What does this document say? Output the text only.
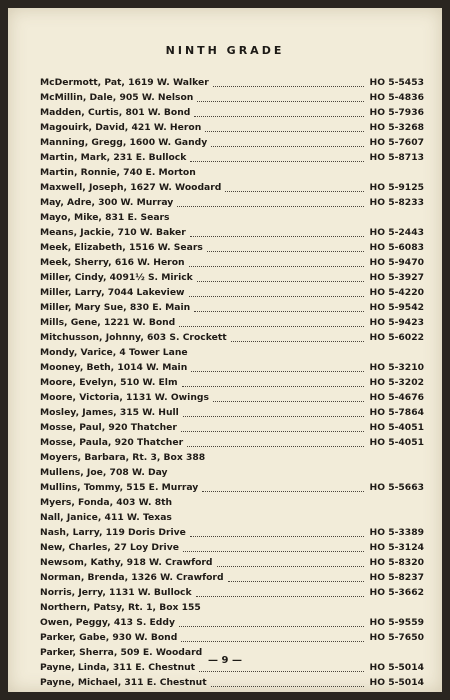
NINTH GRADE
McDermott, Pat, 1619 W. Walker	HO 5-5453
McMillin, Dale, 905 W. Nelson	HO 5-4836
Madden, Curtis, 801 W. Bond	HO 5-7936
Magouirk, David, 421 W. Heron	HO 5-3268
Manning, Gregg, 1600 W. Gandy	HO 5-7607
Martin, Mark, 231 E. Bullock	HO 5-8713
Martin, Ronnie, 740 E. Morton
Maxwell, Joseph, 1627 W. Woodard	HO 5-9125
May, Adre, 300 W. Murray	HO 5-8233
Mayo, Mike, 831 E. Sears
Means, Jackie, 710 W. Baker	HO 5-2443
Meek, Elizabeth, 1516 W. Sears	HO 5-6083
Meek, Sherry, 616 W. Heron	HO 5-9470
Miller, Cindy, 4091½ S. Mirick	HO 5-3927
Miller, Larry, 7044 Lakeview	HO 5-4220
Miller, Mary Sue, 830 E. Main	HO 5-9542
Mills, Gene, 1221 W. Bond	HO 5-9423
Mitchusson, Johnny, 603 S. Crockett	HO 5-6022
Mondy, Varice, 4 Tower Lane
Mooney, Beth, 1014 W. Main	HO 5-3210
Moore, Evelyn, 510 W. Elm	HO 5-3202
Moore, Victoria, 1131 W. Owings	HO 5-4676
Mosley, James, 315 W. Hull	HO 5-7864
Mosse, Paul, 920 Thatcher	HO 5-4051
Mosse, Paula, 920 Thatcher	HO 5-4051
Moyers, Barbara, Rt. 3, Box 388
Mullens, Joe, 708 W. Day
Mullins, Tommy, 515 E. Murray	HO 5-5663
Myers, Fonda, 403 W. 8th
Nall, Janice, 411 W. Texas
Nash, Larry, 119 Doris Drive	HO 5-3389
New, Charles, 27 Loy Drive	HO 5-3124
Newsom, Kathy, 918 W. Crawford	HO 5-8320
Norman, Brenda, 1326 W. Crawford	HO 5-8237
Norris, Jerry, 1131 W. Bullock	HO 5-3662
Northern, Patsy, Rt. 1, Box 155
Owen, Peggy, 413 S. Eddy	HO 5-9559
Parker, Gabe, 930 W. Bond	HO 5-7650
Parker, Sherra, 509 E. Woodard
Payne, Linda, 311 E. Chestnut	HO 5-5014
Payne, Michael, 311 E. Chestnut	HO 5-5014
— 9 —
